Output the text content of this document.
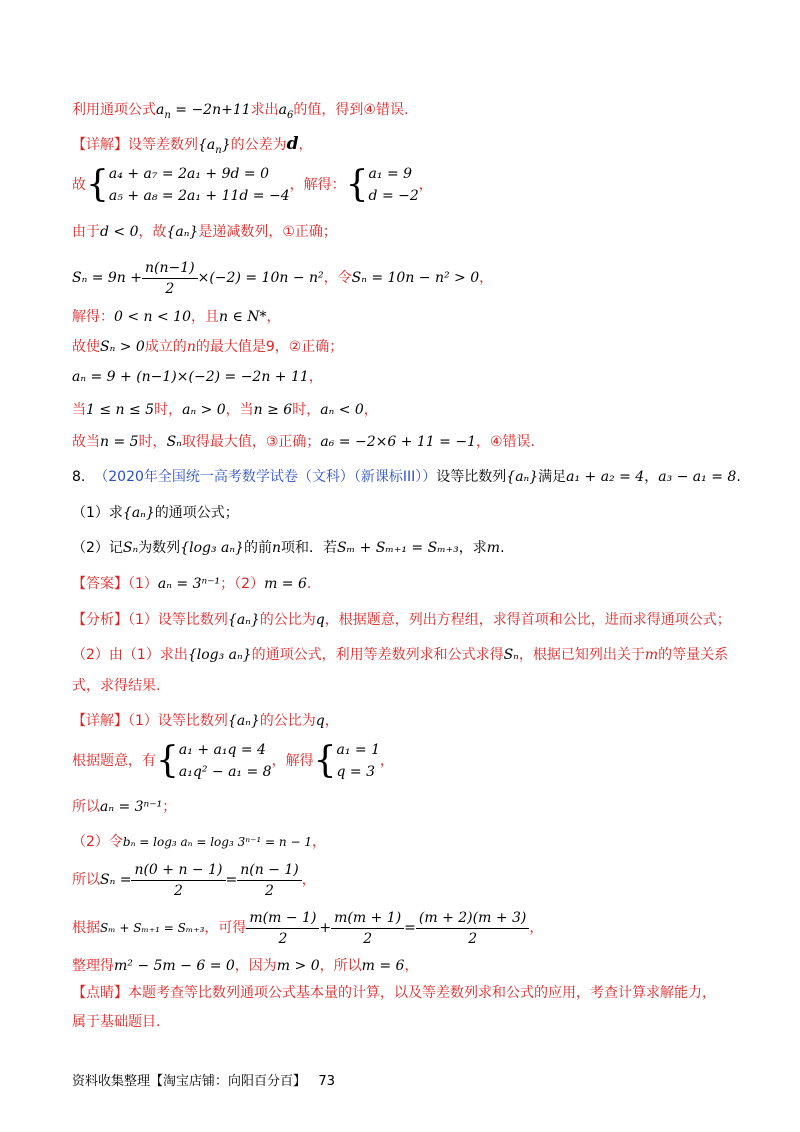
利用通项公式$a_n = -2n+11$求出$a_6$的值，得到④错误.
【详解】设等差数列$\{a_n\}$的公差为d，
故{ a₄ + a₇ = 2a₁ + 9d = 0
a₅ + a₈ = 2a₁ + 11d = −4
，解得：{ a₁ = 9
d = −2
，
由于d < 0，故{aₙ}是递减数列，①正确；
$S_n = 9n + \frac{n(n-1)}{2} \times(-2) = 10n - n^2$，令Sₙ = 10n − n² > 0，
解得：0 < n < 10，且n ∈ N*，
故使Sₙ > 0成立的n的最大值是9，②正确；
aₙ = 9 + (n−1)×(−2) = −2n + 11，
当1 ≤ n ≤ 5时，aₙ > 0，当n ≥ 6时，aₙ < 0，
故当n = 5时，Sₙ取得最大值，③正确；a₆ = −2×6 + 11 = −1，④错误.
8. （2020年全国统一高考数学试卷（文科）（新课标III））设等比数列{aₙ}满足a₁ + a₂ = 4，a₃ − a₁ = 8.
（1）求{aₙ}的通项公式；
（2）记Sₙ为数列{log₃ aₙ}的前n项和．若Sₘ + Sₘ₊₁ = Sₘ₊₃，求m.
【答案】（1）aₙ = 3ⁿ⁻¹；（2）m = 6.
【分析】（1）设等比数列{aₙ}的公比为q，根据题意，列出方程组，求得首项和公比，进而求得通项公式；
（2）由（1）求出{log₃ aₙ}的通项公式，利用等差数列求和公式求得Sₙ，根据已知列出关于m的等量关系
式，求得结果.
【详解】（1）设等比数列{aₙ}的公比为q，
根据题意，有{ a₁ + a₁q = 4
a₁q² − a₁ = 8
，解得{ a₁ = 1
q = 3
，
所以aₙ = 3ⁿ⁻¹；
（2）令bₙ = log₃ aₙ = log₃ 3ⁿ⁻¹ = n − 1，
所以$S_n = \frac{n(0 + n - 1)}{2} = \frac{n(n - 1)}{2}$ ，
根据Sₘ + Sₘ₊₁ = Sₘ₊₃，可得 $\frac{m(m - 1)}{2} + \frac{m(m + 1)}{2} = \frac{(m + 2)(m + 3)}{2}$ ，
整理得m² − 5m − 6 = 0，因为m > 0，所以m = 6，
【点睛】本题考查等比数列通项公式基本量的计算，以及等差数列求和公式的应用，考查计算求解能力，
属于基础题目.
资料收集整理【淘宝店铺：向阳百分百】 73
